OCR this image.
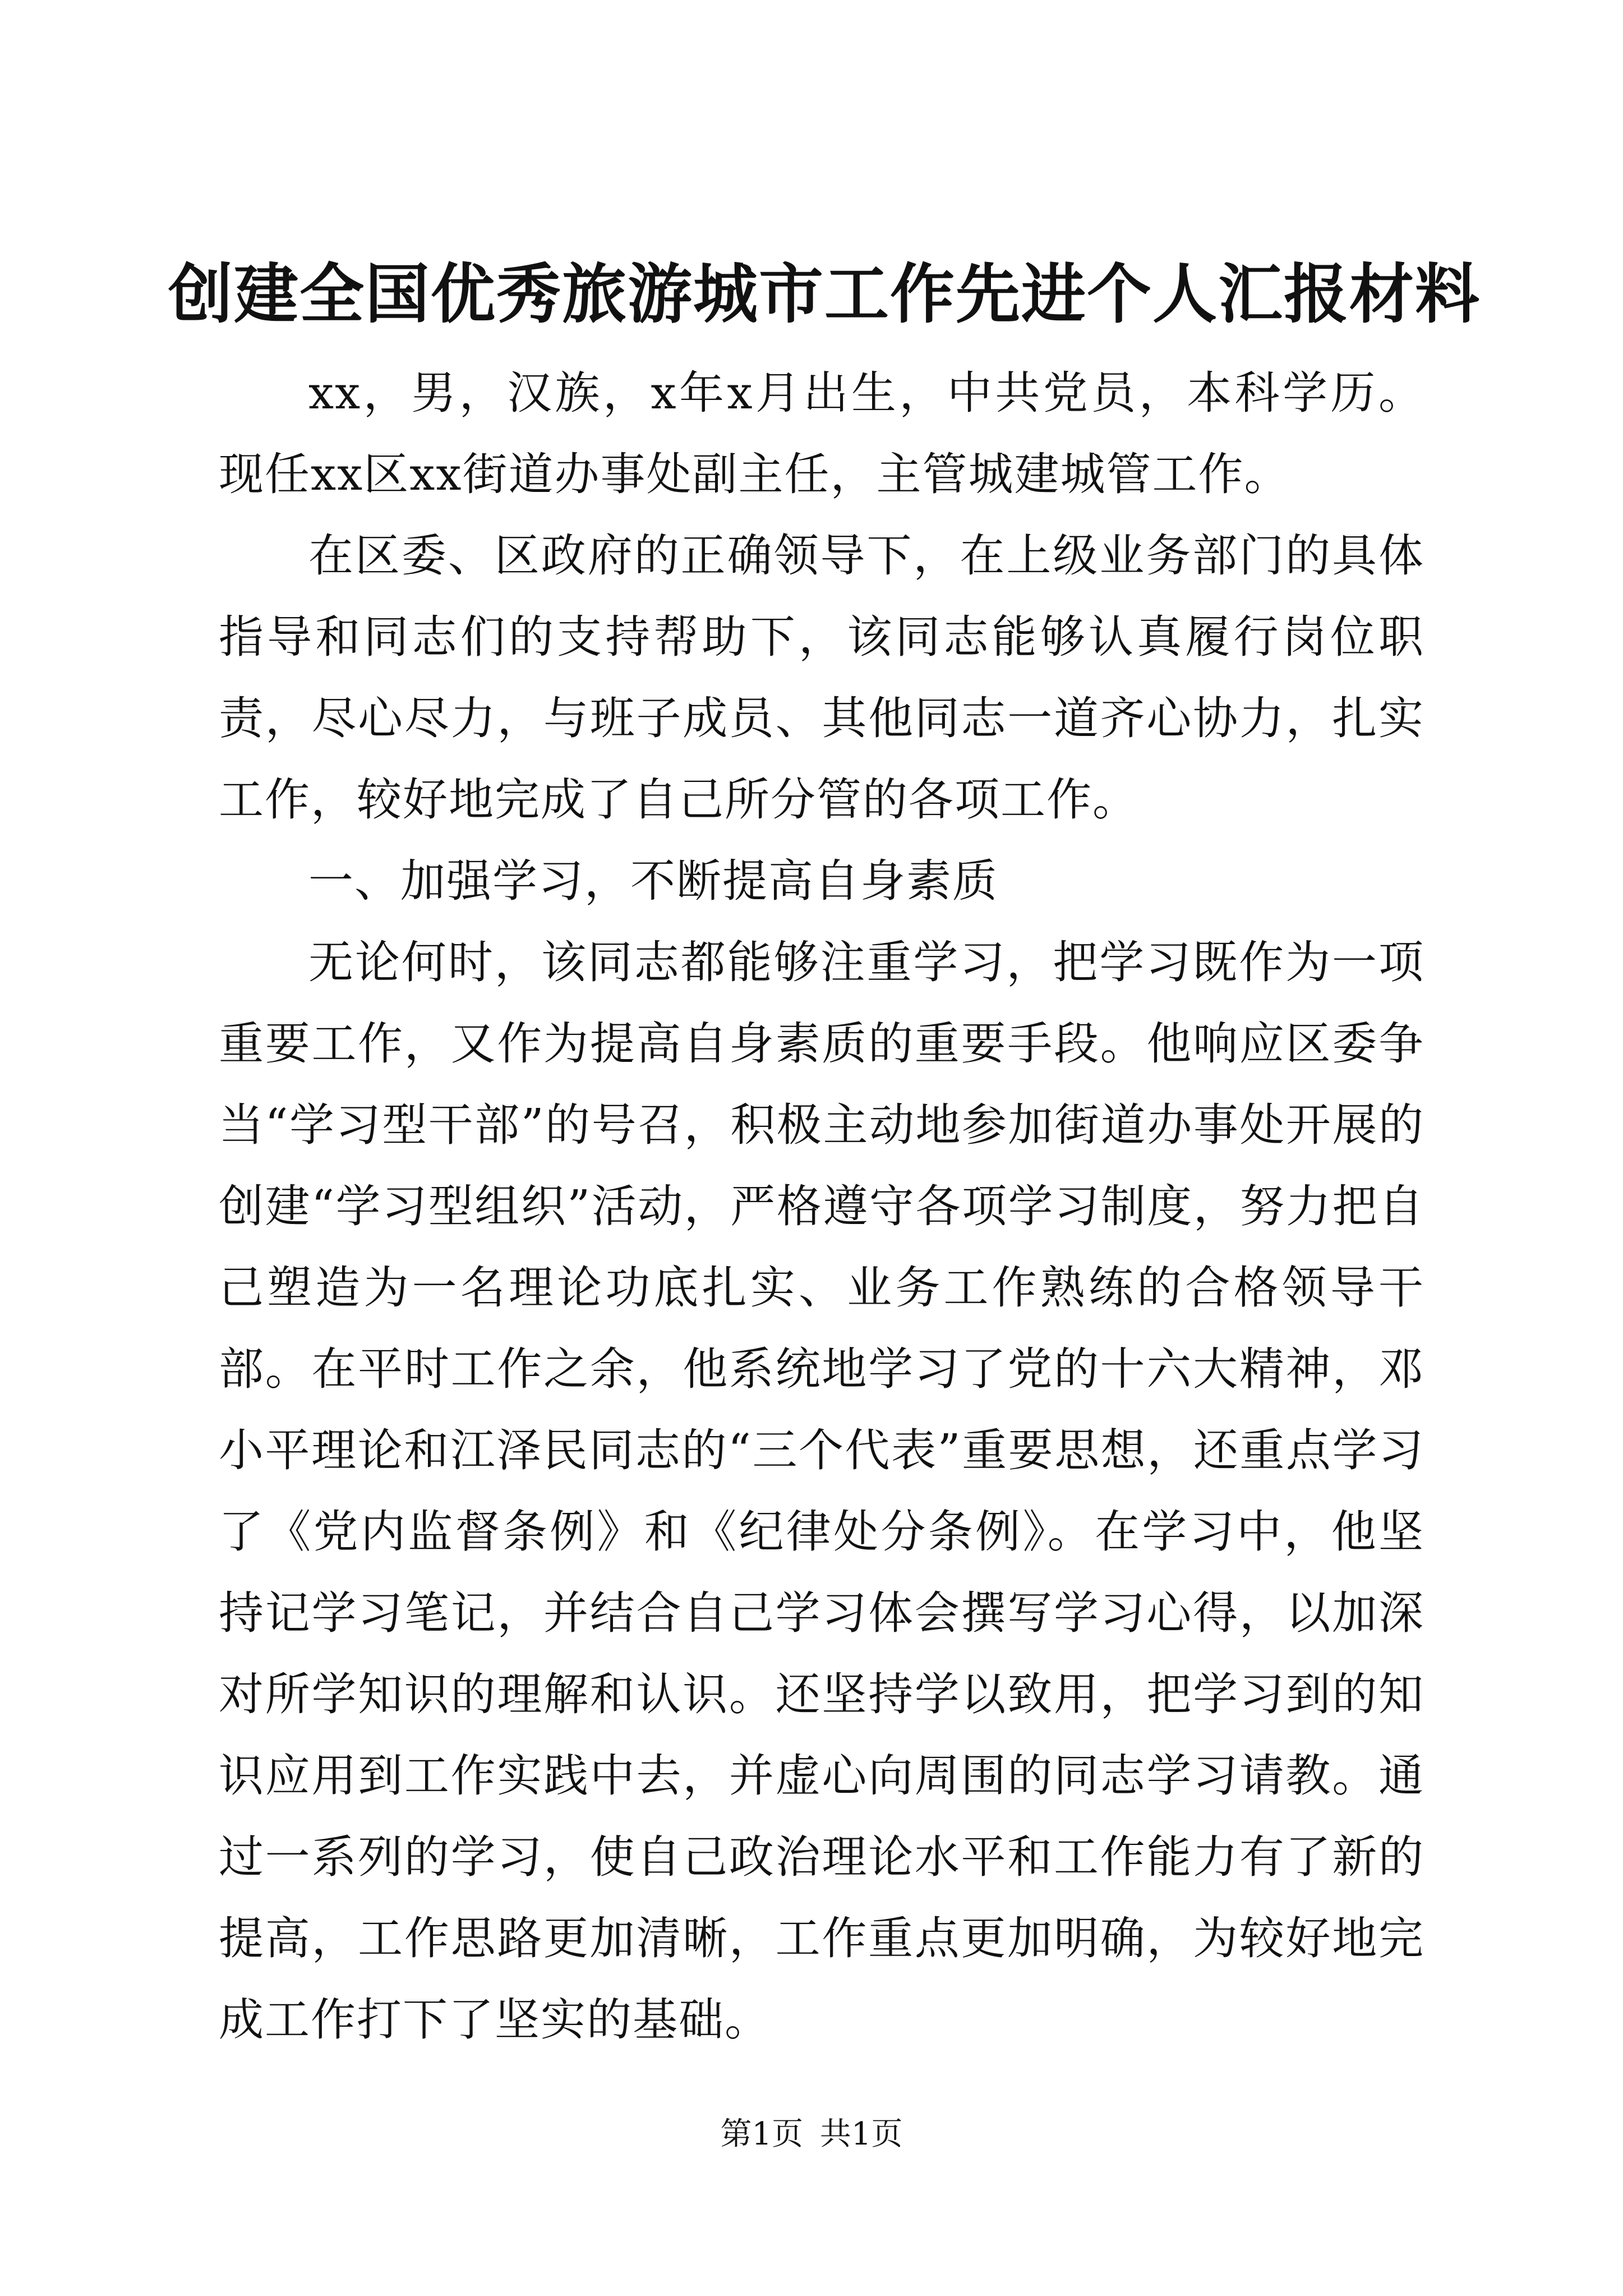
创建全国优秀旅游城市工作先进个人汇报材料

xx，男，汉族，x年x月出生，中共党员，本科学历。现任xx区xx街道办事处副主任，主管城建城管工作。

在区委、区政府的正确领导下，在上级业务部门的具体指导和同志们的支持帮助下，该同志能够认真履行岗位职责，尽心尽力，与班子成员、其他同志一道齐心协力，扎实工作，较好地完成了自己所分管的各项工作。

一、加强学习，不断提高自身素质

无论何时，该同志都能够注重学习，把学习既作为一项重要工作，又作为提高自身素质的重要手段。他响应区委争当“学习型干部”的号召，积极主动地参加街道办事处开展的创建“学习型组织”活动，严格遵守各项学习制度，努力把自己塑造为一名理论功底扎实、业务工作熟练的合格领导干部。在平时工作之余，他系统地学习了党的十六大精神，邓小平理论和江泽民同志的“三个代表”重要思想，还重点学习了《党内监督条例》和《纪律处分条例》。在学习中，他坚持记学习笔记，并结合自己学习体会撰写学习心得，以加深对所学知识的理解和认识。还坚持学以致用，把学习到的知识应用到工作实践中去，并虚心向周围的同志学习请教。通过一系列的学习，使自己政治理论水平和工作能力有了新的提高，工作思路更加清晰，工作重点更加明确，为较好地完成工作打下了坚实的基础。

第1页 共1页
